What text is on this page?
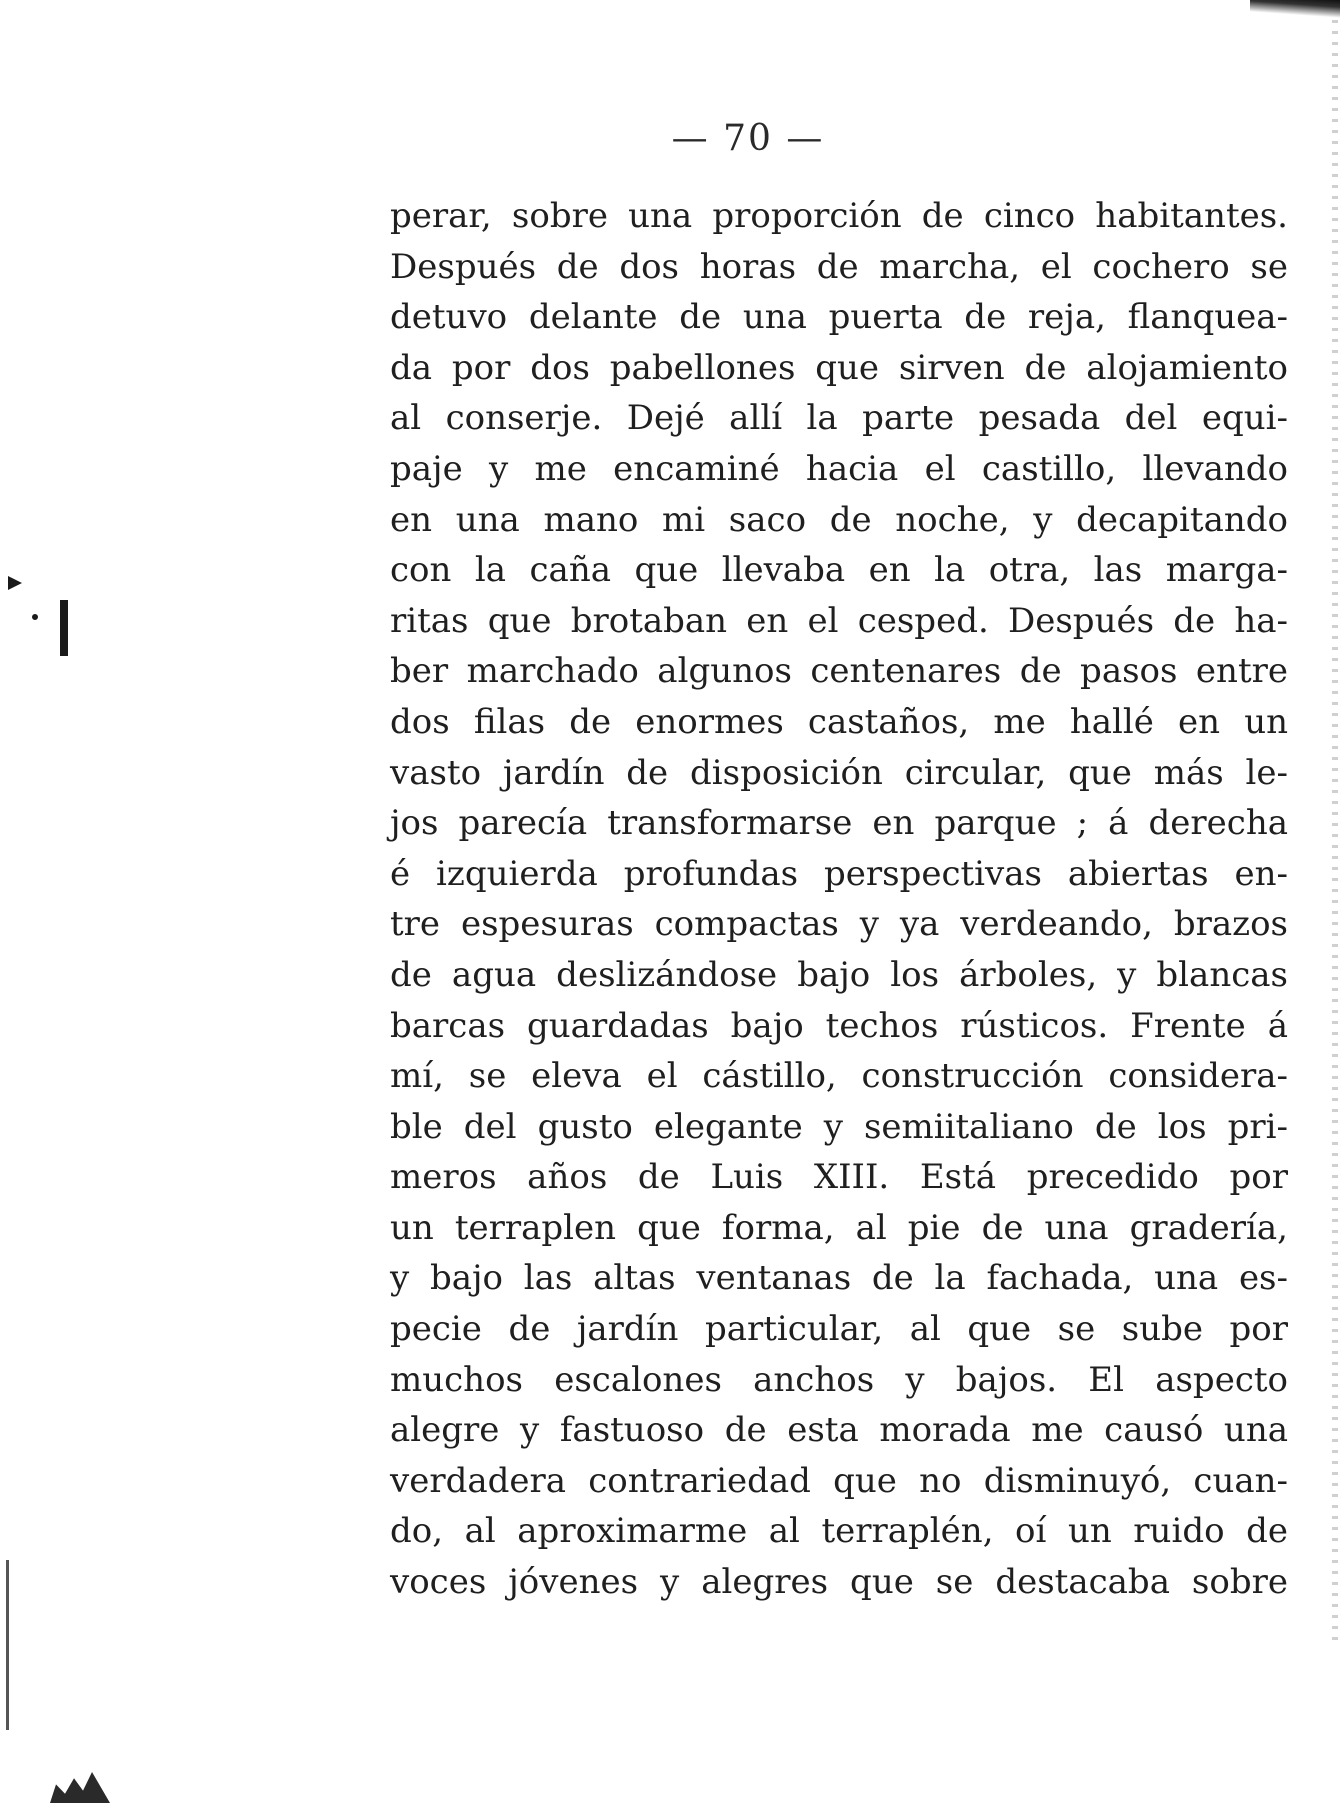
— 70 —
perar, sobre una proporción de cinco habitantes.
Después de dos horas de marcha, el cochero se
detuvo delante de una puerta de reja, flanquea-
da por dos pabellones que sirven de alojamiento
al conserje. Dejé allí la parte pesada del equi-
paje y me encaminé hacia el castillo, llevando
en una mano mi saco de noche, y decapitando
con la caña que llevaba en la otra, las marga-
ritas que brotaban en el cesped. Después de ha-
ber marchado algunos centenares de pasos entre
dos filas de enormes castaños, me hallé en un
vasto jardín de disposición circular, que más le-
jos parecía transformarse en parque ; á derecha
é izquierda profundas perspectivas abiertas en-
tre espesuras compactas y ya verdeando, brazos
de agua deslizándose bajo los árboles, y blancas
barcas guardadas bajo techos rústicos. Frente á
mí, se eleva el cástillo, construcción considera-
ble del gusto elegante y semiitaliano de los pri-
meros años de Luis XIII. Está precedido por
un terraplen que forma, al pie de una gradería,
y bajo las altas ventanas de la fachada, una es-
pecie de jardín particular, al que se sube por
muchos escalones anchos y bajos. El aspecto
alegre y fastuoso de esta morada me causó una
verdadera contrariedad que no disminuyó, cuan-
do, al aproximarme al terraplén, oí un ruido de
voces jóvenes y alegres que se destacaba sobre
